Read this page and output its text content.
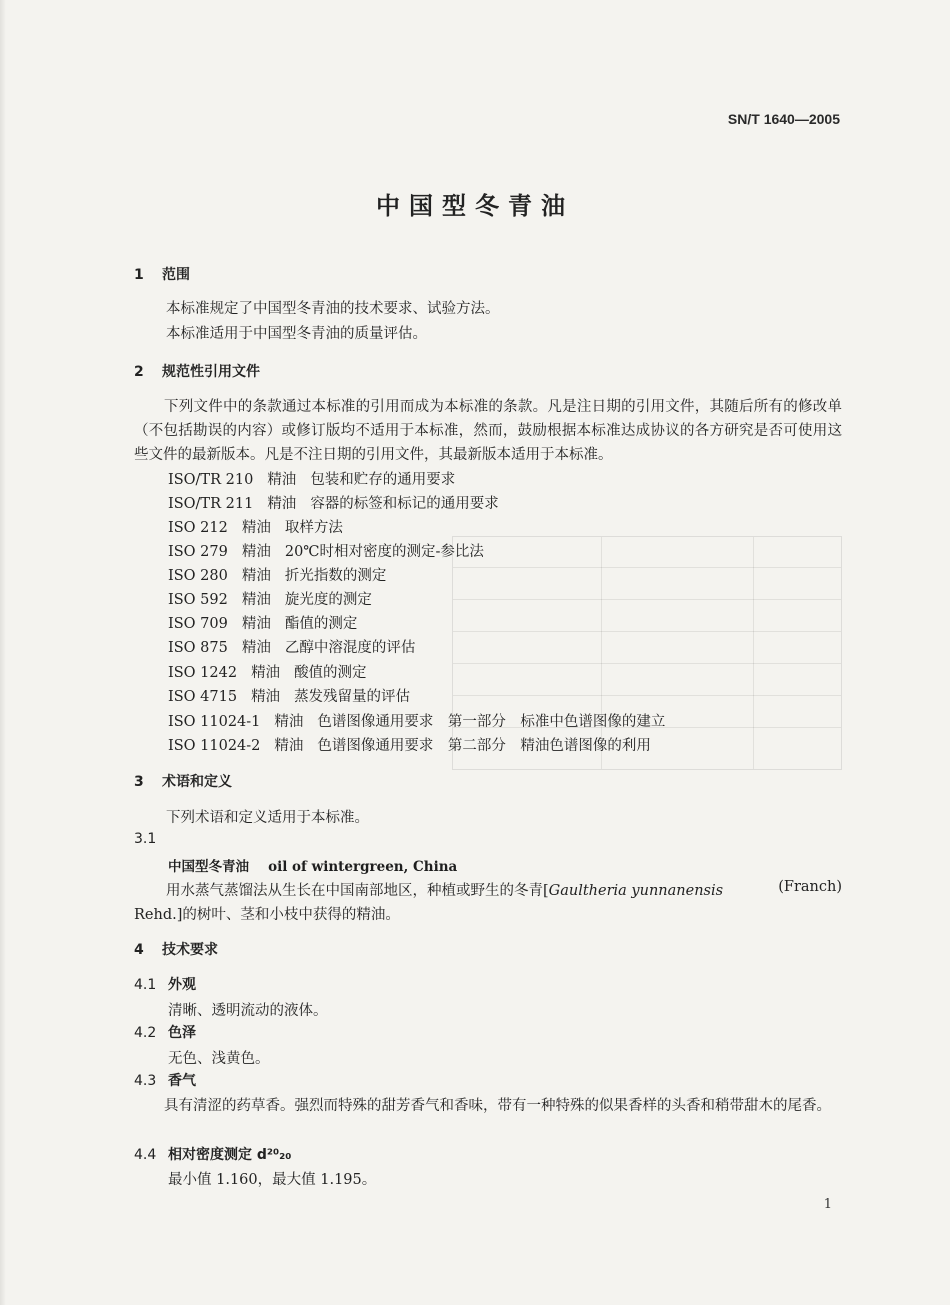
SN/T 1640—2005
中国型冬青油
1 范围
本标准规定了中国型冬青油的技术要求、试验方法。
本标准适用于中国型冬青油的质量评估。
2 规范性引用文件
下列文件中的条款通过本标准的引用而成为本标准的条款。凡是注日期的引用文件，其随后所有的修改单（不包括勘误的内容）或修订版均不适用于本标准，然而，鼓励根据本标准达成协议的各方研究是否可使用这些文件的最新版本。凡是不注日期的引用文件，其最新版本适用于本标准。
ISO/TR 210 精油 包装和贮存的通用要求
ISO/TR 211 精油 容器的标签和标记的通用要求
ISO 212 精油 取样方法
ISO 279 精油 20℃时相对密度的测定-参比法
ISO 280 精油 折光指数的测定
ISO 592 精油 旋光度的测定
ISO 709 精油 酯值的测定
ISO 875 精油 乙醇中溶混度的评估
ISO 1242 精油 酸值的测定
ISO 4715 精油 蒸发残留量的评估
ISO 11024-1 精油 色谱图像通用要求　第一部分　标准中色谱图像的建立
ISO 11024-2 精油 色谱图像通用要求　第二部分　精油色谱图像的利用
3 术语和定义
下列术语和定义适用于本标准。
3.1
中国型冬青油 oil of wintergreen, China
用水蒸气蒸馏法从生长在中国南部地区，种植或野生的冬青[Gaultheria yunnanensis	(Franch)
Rehd.]的树叶、茎和小枝中获得的精油。
4 技术要求
4.1 外观
清晰、透明流动的液体。
4.2 色泽
无色、浅黄色。
4.3 香气
具有清涩的药草香。强烈而特殊的甜芳香气和香味，带有一种特殊的似果香样的头香和稍带甜木的尾香。
4.4 相对密度测定 d²⁰₂₀
最小值 1.160，最大值 1.195。
1
